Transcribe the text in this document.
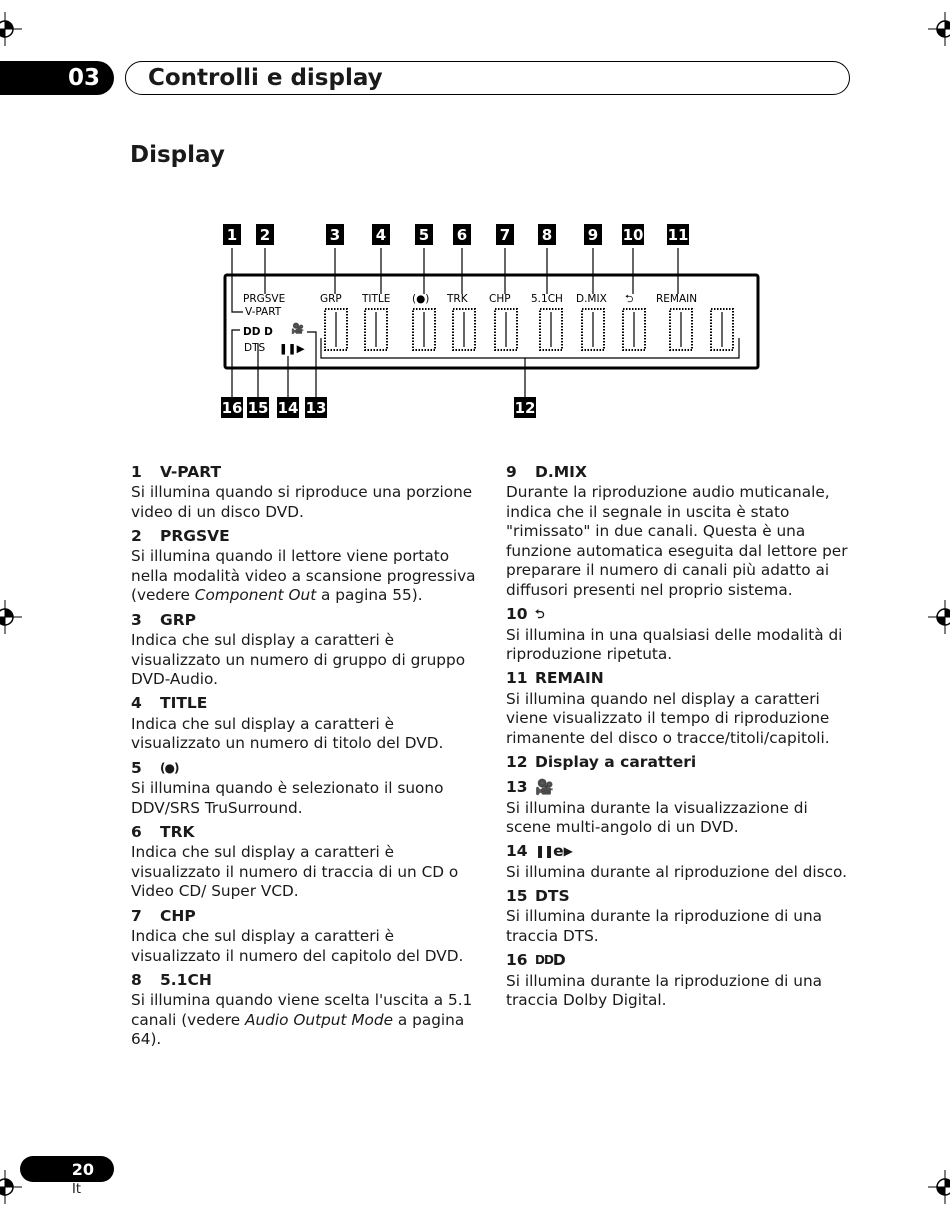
03	Controlli e display
Display
1 2	3 4 5 6 7 8 9 10 11
16 15 14 13	12
PRGSVE
V-PART
GRP TITLE (●) TRK CHP 5.1CH D.MIX ⮌ REMAIN
DD D
DTS ❚❚▶
🎥
1	V-PART
Si illumina quando si riproduce una porzione video di un disco DVD.
2	PRGSVE
Si illumina quando il lettore viene portato nella modalità video a scansione progressiva (vedere Component Out a pagina 55).
3	GRP
Indica che sul display a caratteri è visualizzato un numero di gruppo di gruppo DVD-Audio.
4	TITLE
Indica che sul display a caratteri è visualizzato un numero di titolo del DVD.
5	(●)
Si illumina quando è selezionato il suono DDV/SRS TruSurround.
6	TRK
Indica che sul display a caratteri è visualizzato il numero di traccia di un CD o Video CD/ Super VCD.
7	CHP
Indica che sul display a caratteri è visualizzato il numero del capitolo del DVD.
8	5.1CH
Si illumina quando viene scelta l'uscita a 5.1 canali (vedere Audio Output Mode a pagina 64).
9	D.MIX
Durante la riproduzione audio muticanale, indica che il segnale in uscita è stato "rimissato" in due canali. Questa è una funzione automatica eseguita dal lettore per preparare il numero di canali più adatto ai diffusori presenti nel proprio sistema.
10 ⮌
Si illumina in una qualsiasi delle modalità di riproduzione ripetuta.
11 REMAIN
Si illumina quando nel display a caratteri viene visualizzato il tempo di riproduzione rimanente del disco o tracce/titoli/capitoli.
12 Display a caratteri
13 🎥
Si illumina durante la visualizzazione di scene multi-angolo di un DVD.
14 ❚❚ e ▶
Si illumina durante al riproduzione del disco.
15 DTS
Si illumina durante la riproduzione di una traccia DTS.
16 DD D
Si illumina durante la riproduzione di una traccia Dolby Digital.
20
It
